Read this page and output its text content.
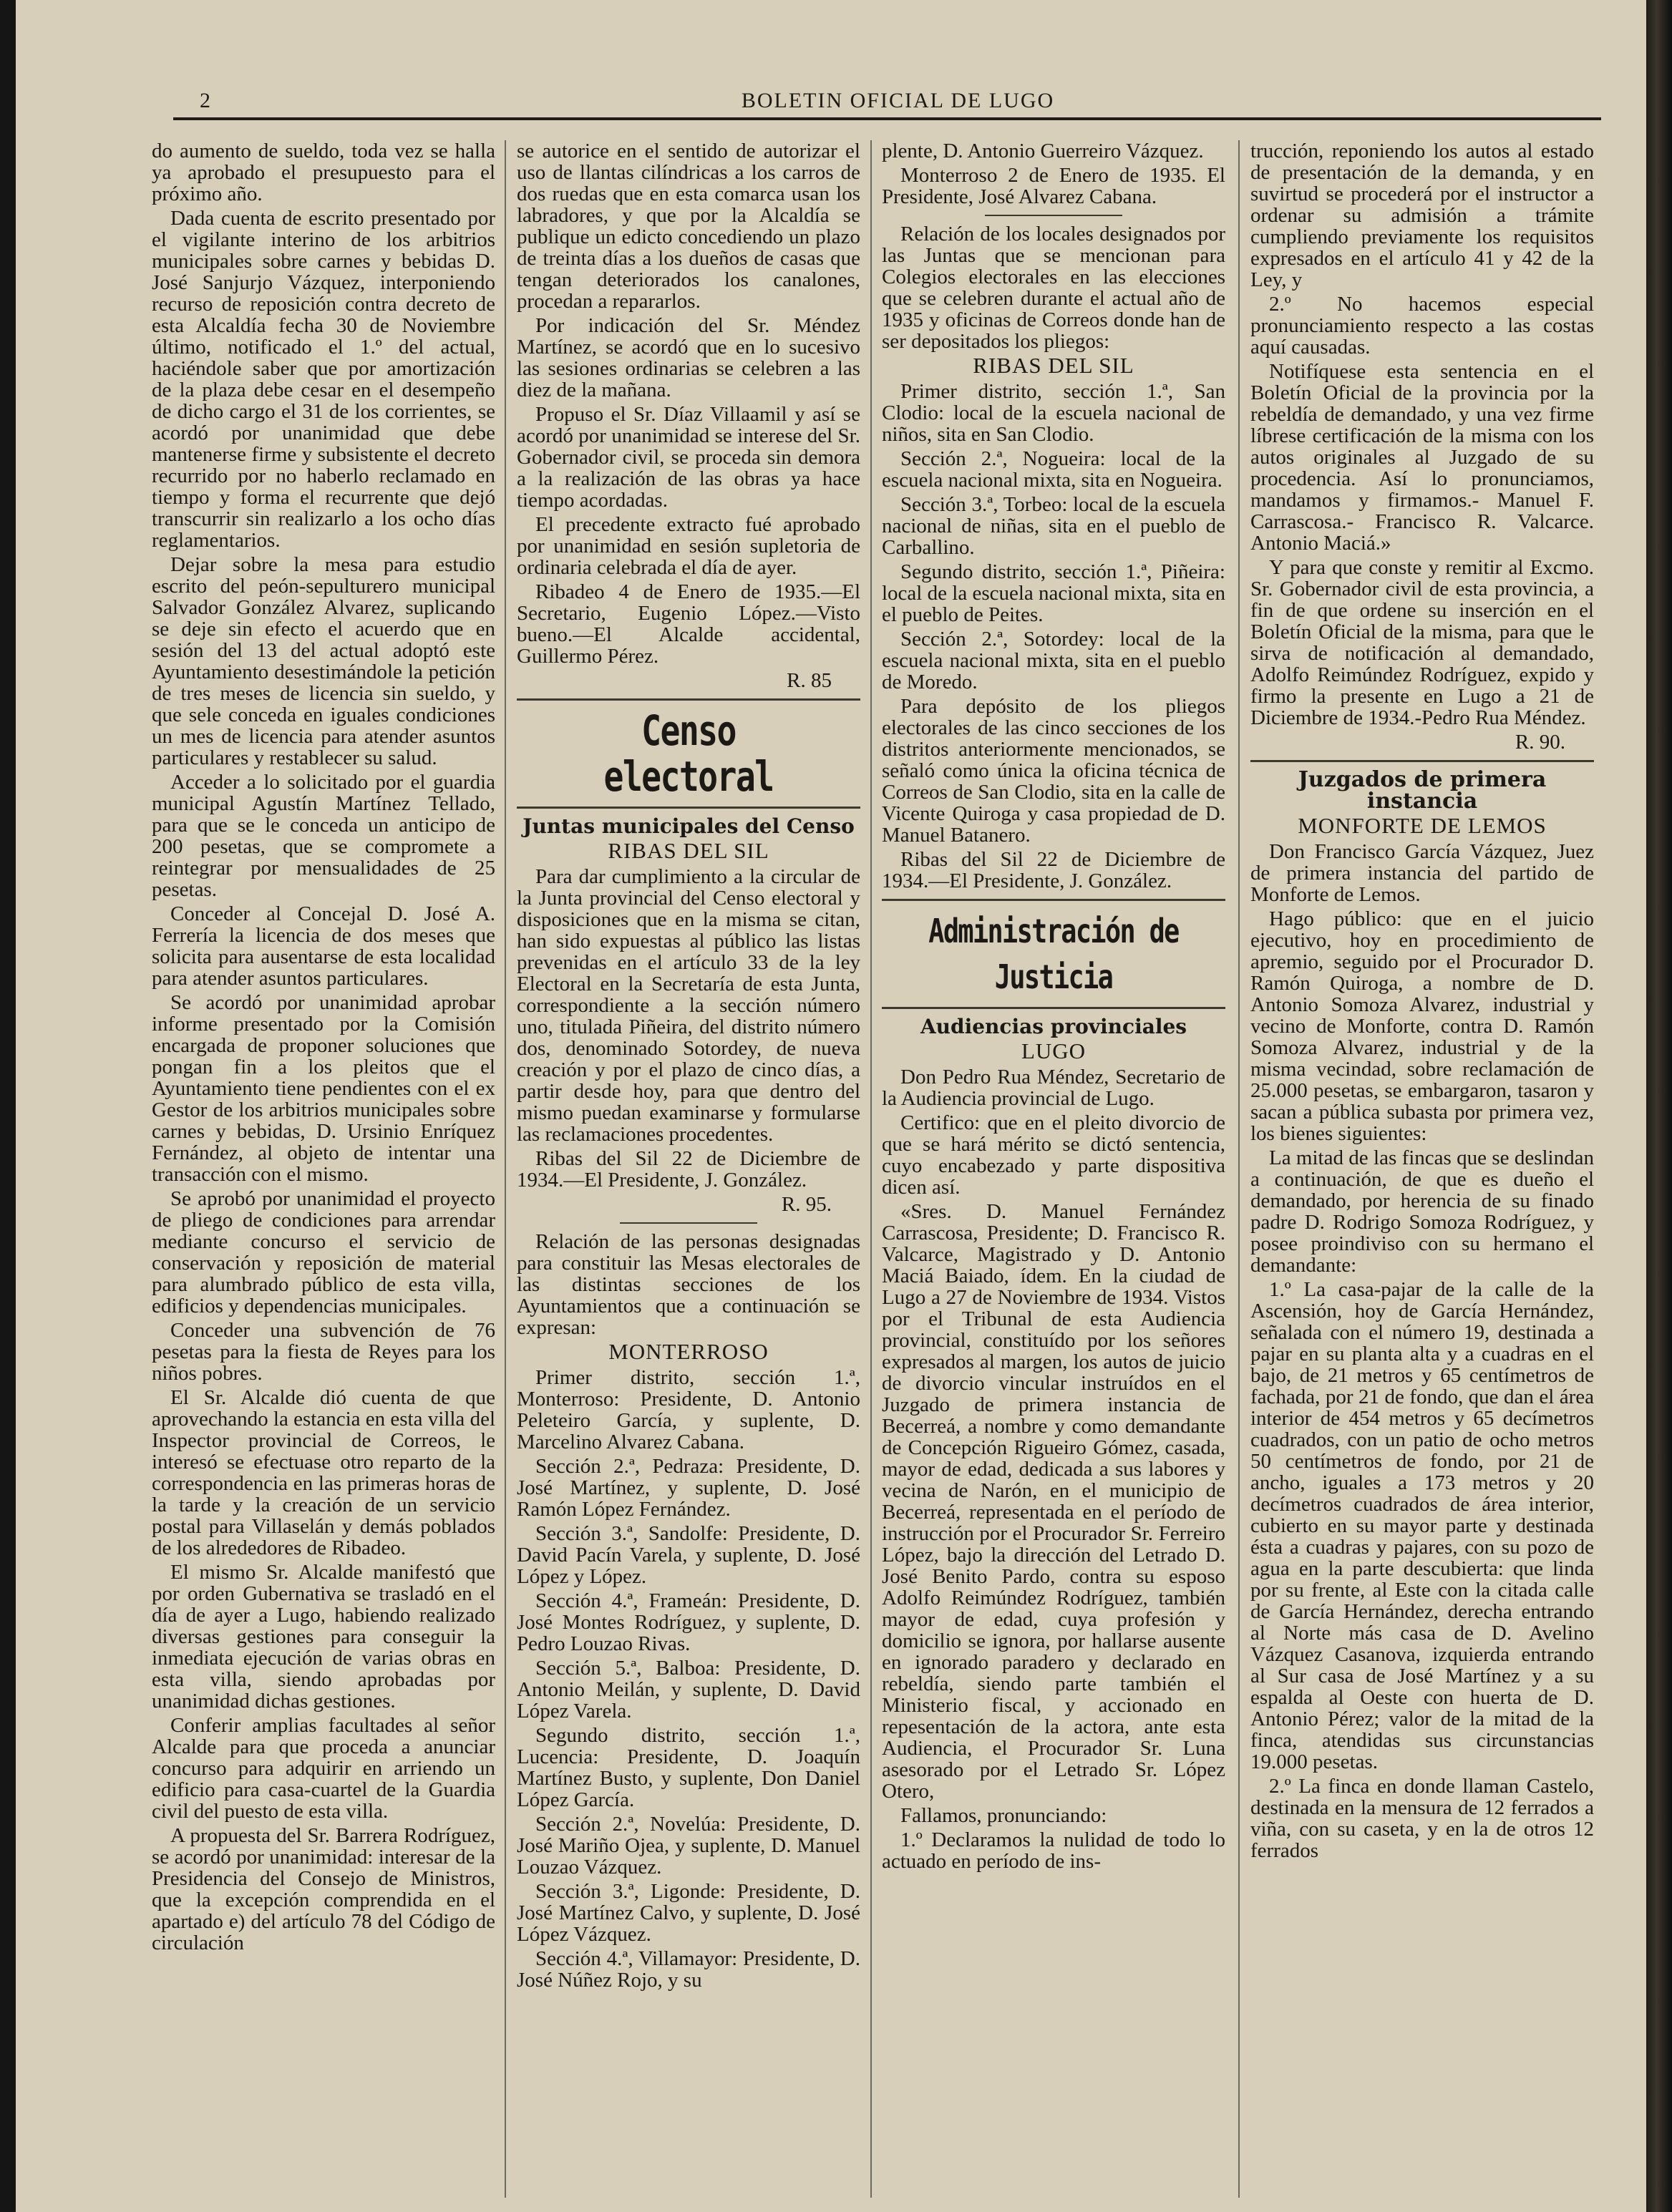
2	BOLETIN OFICIAL DE LUGO

do aumento de sueldo, toda vez se halla ya aprobado el presupuesto para el próximo año.

Dada cuenta de escrito presentado por el vigilante interino de los arbitrios municipales sobre carnes y bebidas D. José Sanjurjo Vázquez, interponiendo recurso de reposición contra decreto de esta Alcaldía fecha 30 de Noviembre último, notificado el 1.º del actual, haciéndole saber que por amortización de la plaza debe cesar en el desempeño de dicho cargo el 31 de los corrientes, se acordó por unanimidad que debe mantenerse firme y subsistente el decreto recurrido por no haberlo reclamado en tiempo y forma el recurrente que dejó transcurrir sin realizarlo a los ocho días reglamentarios.

Dejar sobre la mesa para estudio escrito del peón-sepulturero municipal Salvador González Alvarez, suplicando se deje sin efecto el acuerdo que en sesión del 13 del actual adoptó este Ayuntamiento desestimándole la petición de tres meses de licencia sin sueldo, y que sele conceda en iguales condiciones un mes de licencia para atender asuntos particulares y restablecer su salud.

Acceder a lo solicitado por el guardia municipal Agustín Martínez Tellado, para que se le conceda un anticipo de 200 pesetas, que se compromete a reintegrar por mensualidades de 25 pesetas.

Conceder al Concejal D. José A. Ferrería la licencia de dos meses que solicita para ausentarse de esta localidad para atender asuntos particulares.

Se acordó por unanimidad aprobar informe presentado por la Comisión encargada de proponer soluciones que pongan fin a los pleitos que el Ayuntamiento tiene pendientes con el ex Gestor de los arbitrios municipales sobre carnes y bebidas, D. Ursinio Enríquez Fernández, al objeto de intentar una transacción con el mismo.

Se aprobó por unanimidad el proyecto de pliego de condiciones para arrendar mediante concurso el servicio de conservación y reposición de material para alumbrado público de esta villa, edificios y dependencias municipales.

Conceder una subvención de 76 pesetas para la fiesta de Reyes para los niños pobres.

El Sr. Alcalde dió cuenta de que aprovechando la estancia en esta villa del Inspector provincial de Correos, le interesó se efectuase otro reparto de la correspondencia en las primeras horas de la tarde y la creación de un servicio postal para Villaselán y demás poblados de los alrededores de Ribadeo.

El mismo Sr. Alcalde manifestó que por orden Gubernativa se trasladó en el día de ayer a Lugo, habiendo realizado diversas gestiones para conseguir la inmediata ejecución de varias obras en esta villa, siendo aprobadas por unanimidad dichas gestiones.

Conferir amplias facultades al señor Alcalde para que proceda a anunciar concurso para adquirir en arriendo un edificio para casa-cuartel de la Guardia civil del puesto de esta villa.

A propuesta del Sr. Barrera Rodríguez, se acordó por unanimidad: interesar de la Presidencia del Consejo de Ministros, que la excepción comprendida en el apartado e) del artículo 78 del Código de circulación

se autorice en el sentido de autorizar el uso de llantas cilíndricas a los carros de dos ruedas que en esta comarca usan los labradores, y que por la Alcaldía se publique un edicto concediendo un plazo de treinta días a los dueños de casas que tengan deteriorados los canalones, procedan a repararlos.

Por indicación del Sr. Méndez Martínez, se acordó que en lo sucesivo las sesiones ordinarias se celebren a las diez de la mañana.

Propuso el Sr. Díaz Villaamil y así se acordó por unanimidad se interese del Sr. Gobernador civil, se proceda sin demora a la realización de las obras ya hace tiempo acordadas.

El precedente extracto fué aprobado por unanimidad en sesión supletoria de ordinaria celebrada el día de ayer.

Ribadeo 4 de Enero de 1935.—El Secretario, Eugenio López.—Visto bueno.—El Alcalde accidental, Guillermo Pérez.

R. 85

Censo electoral
Juntas municipales del Censo
RIBAS DEL SIL

Para dar cumplimiento a la circular de la Junta provincial del Censo electoral y disposiciones que en la misma se citan, han sido expuestas al público las listas prevenidas en el artículo 33 de la ley Electoral en la Secretaría de esta Junta, correspondiente a la sección número uno, titulada Piñeira, del distrito número dos, denominado Sotordey, de nueva creación y por el plazo de cinco días, a partir desde hoy, para que dentro del mismo puedan examinarse y formularse las reclamaciones procedentes.

Ribas del Sil 22 de Diciembre de 1934.—El Presidente, J. González.

R. 95.

Relación de las personas designadas para constituir las Mesas electorales de las distintas secciones de los Ayuntamientos que a continuación se expresan:

MONTERROSO

Primer distrito, sección 1.ª, Monterroso: Presidente, D. Antonio Peleteiro García, y suplente, D. Marcelino Alvarez Cabana.

Sección 2.ª, Pedraza: Presidente, D. José Martínez, y suplente, D. José Ramón López Fernández.

Sección 3.ª, Sandolfe: Presidente, D. David Pacín Varela, y suplente, D. José López y López.

Sección 4.ª, Frameán: Presidente, D. José Montes Rodríguez, y suplente, D. Pedro Louzao Rivas.

Sección 5.ª, Balboa: Presidente, D. Antonio Meilán, y suplente, D. David López Varela.

Segundo distrito, sección 1.ª, Lucencia: Presidente, D. Joaquín Martínez Busto, y suplente, Don Daniel López García.

Sección 2.ª, Novelúa: Presidente, D. José Mariño Ojea, y suplente, D. Manuel Louzao Vázquez.

Sección 3.ª, Ligonde: Presidente, D. José Martínez Calvo, y suplente, D. José López Vázquez.

Sección 4.ª, Villamayor: Presidente, D. José Núñez Rojo, y su

plente, D. Antonio Guerreiro Vázquez.

Monterroso 2 de Enero de 1935. El Presidente, José Alvarez Cabana.

Relación de los locales designados por las Juntas que se mencionan para Colegios electorales en las elecciones que se celebren durante el actual año de 1935 y oficinas de Correos donde han de ser depositados los pliegos:

RIBAS DEL SIL

Primer distrito, sección 1.ª, San Clodio: local de la escuela nacional de niños, sita en San Clodio.

Sección 2.ª, Nogueira: local de la escuela nacional mixta, sita en Nogueira.

Sección 3.ª, Torbeo: local de la escuela nacional de niñas, sita en el pueblo de Carballino.

Segundo distrito, sección 1.ª, Piñeira: local de la escuela nacional mixta, sita en el pueblo de Peites.

Sección 2.ª, Sotordey: local de la escuela nacional mixta, sita en el pueblo de Moredo.

Para depósito de los pliegos electorales de las cinco secciones de los distritos anteriormente mencionados, se señaló como única la oficina técnica de Correos de San Clodio, sita en la calle de Vicente Quiroga y casa propiedad de D. Manuel Batanero.

Ribas del Sil 22 de Diciembre de 1934.—El Presidente, J. González.

Administración de Justicia
Audiencias provinciales
LUGO

Don Pedro Rua Méndez, Secretario de la Audiencia provincial de Lugo.

Certifico: que en el pleito divorcio de que se hará mérito se dictó sentencia, cuyo encabezado y parte dispositiva dicen así.

«Sres. D. Manuel Fernández Carrascosa, Presidente; D. Francisco R. Valcarce, Magistrado y D. Antonio Maciá Baiado, ídem. En la ciudad de Lugo a 27 de Noviembre de 1934. Vistos por el Tribunal de esta Audiencia provincial, constituído por los señores expresados al margen, los autos de juicio de divorcio vincular instruídos en el Juzgado de primera instancia de Becerreá, a nombre y como demandante de Concepción Rigueiro Gómez, casada, mayor de edad, dedicada a sus labores y vecina de Narón, en el municipio de Becerreá, representada en el período de instrucción por el Procurador Sr. Ferreiro López, bajo la dirección del Letrado D. José Benito Pardo, contra su esposo Adolfo Reimúndez Rodríguez, también mayor de edad, cuya profesión y domicilio se ignora, por hallarse ausente en ignorado paradero y declarado en rebeldía, siendo parte también el Ministerio fiscal, y accionado en repesentación de la actora, ante esta Audiencia, el Procurador Sr. Luna asesorado por el Letrado Sr. López Otero,

Fallamos, pronunciando:

1.º Declaramos la nulidad de todo lo actuado en período de ins-

trucción, reponiendo los autos al estado de presentación de la demanda, y en suvirtud se procederá por el instructor a ordenar su admisión a trámite cumpliendo previamente los requisitos expresados en el artículo 41 y 42 de la Ley, y

2.º No hacemos especial pronunciamiento respecto a las costas aquí causadas.

Notifíquese esta sentencia en el Boletín Oficial de la provincia por la rebeldía de demandado, y una vez firme líbrese certificación de la misma con los autos originales al Juzgado de su procedencia. Así lo pronunciamos, mandamos y firmamos.- Manuel F. Carrascosa.- Francisco R. Valcarce. Antonio Maciá.»

Y para que conste y remitir al Excmo. Sr. Gobernador civil de esta provincia, a fin de que ordene su inserción en el Boletín Oficial de la misma, para que le sirva de notificación al demandado, Adolfo Reimúndez Rodríguez, expido y firmo la presente en Lugo a 21 de Diciembre de 1934.-Pedro Rua Méndez.

R. 90.

Juzgados de primera instancia
MONFORTE DE LEMOS

Don Francisco García Vázquez, Juez de primera instancia del partido de Monforte de Lemos.

Hago público: que en el juicio ejecutivo, hoy en procedimiento de apremio, seguido por el Procurador D. Ramón Quiroga, a nombre de D. Antonio Somoza Alvarez, industrial y vecino de Monforte, contra D. Ramón Somoza Alvarez, industrial y de la misma vecindad, sobre reclamación de 25.000 pesetas, se embargaron, tasaron y sacan a pública subasta por primera vez, los bienes siguientes:

La mitad de las fincas que se deslindan a continuación, de que es dueño el demandado, por herencia de su finado padre D. Rodrigo Somoza Rodríguez, y posee proindiviso con su hermano el demandante:

1.º La casa-pajar de la calle de la Ascensión, hoy de García Hernández, señalada con el número 19, destinada a pajar en su planta alta y a cuadras en el bajo, de 21 metros y 65 centímetros de fachada, por 21 de fondo, que dan el área interior de 454 metros y 65 decímetros cuadrados, con un patio de ocho metros 50 centímetros de fondo, por 21 de ancho, iguales a 173 metros y 20 decímetros cuadrados de área interior, cubierto en su mayor parte y destinada ésta a cuadras y pajares, con su pozo de agua en la parte descubierta: que linda por su frente, al Este con la citada calle de García Hernández, derecha entrando al Norte más casa de D. Avelino Vázquez Casanova, izquierda entrando al Sur casa de José Martínez y a su espalda al Oeste con huerta de D. Antonio Pérez; valor de la mitad de la finca, atendidas sus circunstancias 19.000 pesetas.

2.º La finca en donde llaman Castelo, destinada en la mensura de 12 ferrados a viña, con su caseta, y en la de otros 12 ferrados
